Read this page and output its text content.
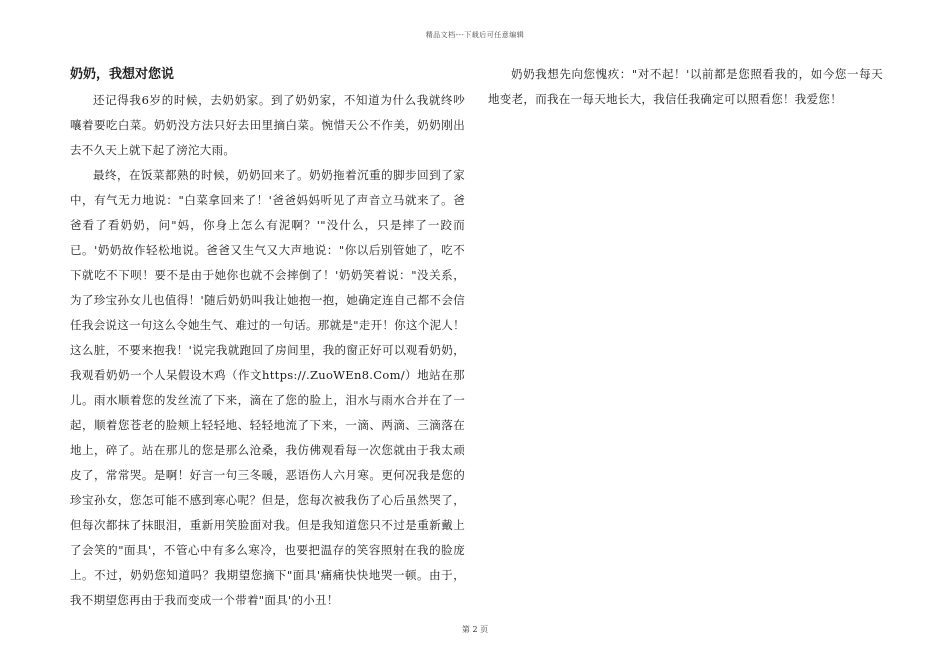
精品文档---下载后可任意编辑
奶奶，我想对您说

还记得我6岁的时候，去奶奶家。到了奶奶家，不知道为什么我就终吵嚷着要吃白菜。奶奶没方法只好去田里摘白菜。惋惜天公不作美，奶奶刚出去不久天上就下起了滂沱大雨。

最终，在饭菜都熟的时候，奶奶回来了。奶奶拖着沉重的脚步回到了家中，有气无力地说："白菜拿回来了！'爸爸妈妈听见了声音立马就来了。爸爸看了看奶奶，问"妈，你身上怎么有泥啊？'"没什么，只是摔了一跤而已。'奶奶故作轻松地说。爸爸又生气又大声地说："你以后别管她了，吃不下就吃不下呗！要不是由于她你也就不会摔倒了！'奶奶笑着说："没关系，为了珍宝孙女儿也值得！'随后奶奶叫我让她抱一抱，她确定连自己都不会信任我会说这一句这么令她生气、难过的一句话。那就是"走开！你这个泥人！这么脏，不要来抱我！'说完我就跑回了房间里，我的窗正好可以观看奶奶，我观看奶奶一个人呆假设木鸡（作文https://.ZuoWEn8.Com/）地站在那儿。雨水顺着您的发丝流了下来，滴在了您的脸上，泪水与雨水合并在了一起，顺着您苍老的脸颊上轻轻地、轻轻地流了下来，一滴、两滴、三滴落在地上，碎了。站在那儿的您是那么沧桑，我仿佛观看每一次您就由于我太顽皮了，常常哭。是啊！好言一句三冬暖，恶语伤人六月寒。更何况我是您的珍宝孙女，您怎可能不感到寒心呢？但是，您每次被我伤了心后虽然哭了，但每次都抹了抹眼泪，重新用笑脸面对我。但是我知道您只不过是重新戴上了会笑的"面具'，不管心中有多么寒冷，也要把温存的笑容照射在我的脸庞上。不过，奶奶您知道吗？我期望您摘下"面具'痛痛快快地哭一顿。由于，我不期望您再由于我而变成一个带着"面具'的小丑！

奶奶我想先向您愧疚："对不起！'以前都是您照看我的，如今您一每天地变老，而我在一每天地长大，我信任我确定可以照看您！我爱您！

第 2 页
